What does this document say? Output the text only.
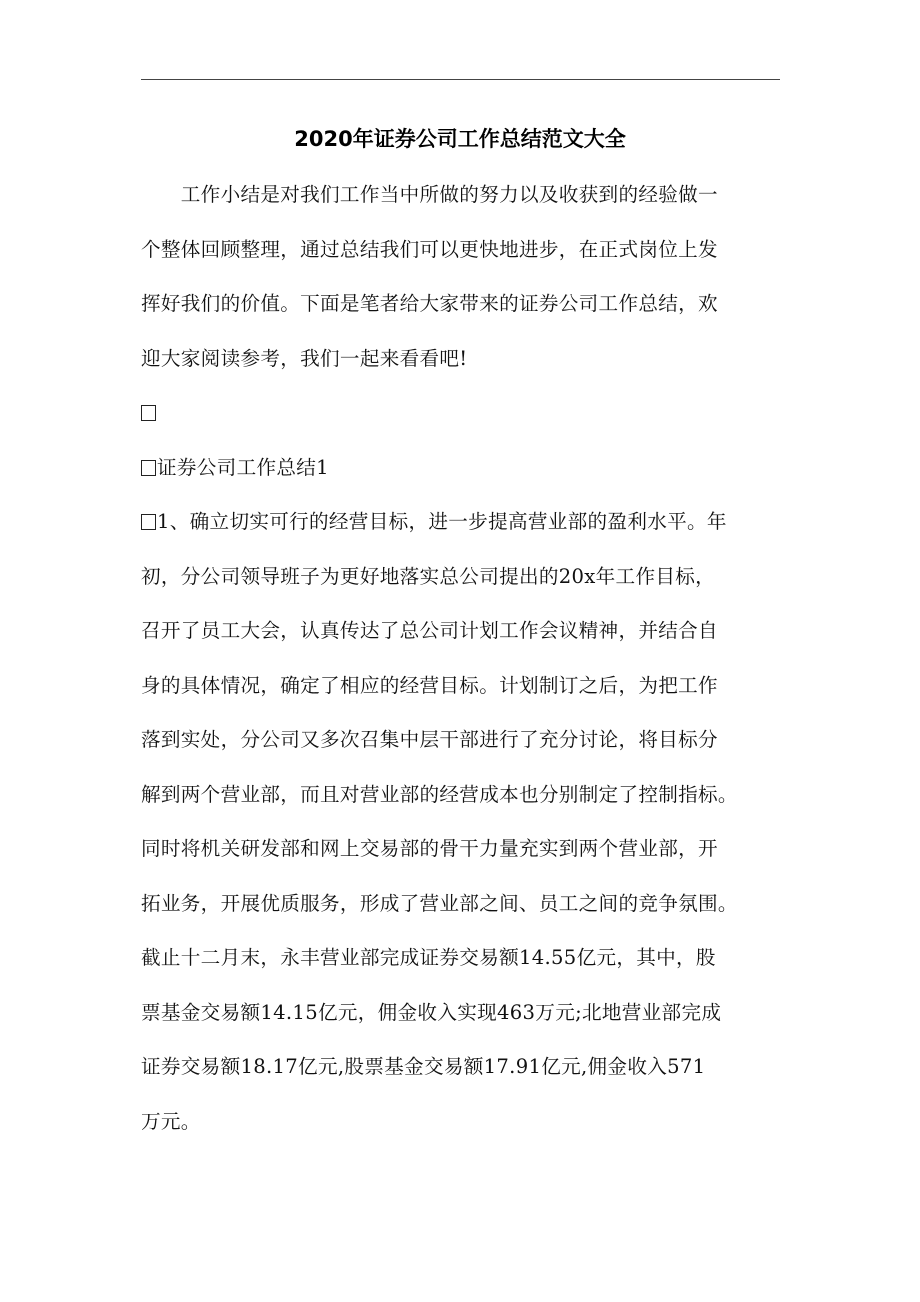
2020年证券公司工作总结范文大全
　　工作小结是对我们工作当中所做的努力以及收获到的经验做一
个整体回顾整理，通过总结我们可以更快地进步，在正式岗位上发
挥好我们的价值。下面是笔者给大家带来的证券公司工作总结，欢
迎大家阅读参考，我们一起来看看吧!
证券公司工作总结1
1、确立切实可行的经营目标，进一步提高营业部的盈利水平。年
初，分公司领导班子为更好地落实总公司提出的20x年工作目标，
召开了员工大会，认真传达了总公司计划工作会议精神，并结合自
身的具体情况，确定了相应的经营目标。计划制订之后，为把工作
落到实处，分公司又多次召集中层干部进行了充分讨论，将目标分
解到两个营业部，而且对营业部的经营成本也分别制定了控制指标。
同时将机关研发部和网上交易部的骨干力量充实到两个营业部，开
拓业务，开展优质服务，形成了营业部之间、员工之间的竞争氛围。
截止十二月末，永丰营业部完成证券交易额14.55亿元，其中，股
票基金交易额14.15亿元，佣金收入实现463万元;北地营业部完成
证券交易额18.17亿元,股票基金交易额17.91亿元,佣金收入571
万元。
